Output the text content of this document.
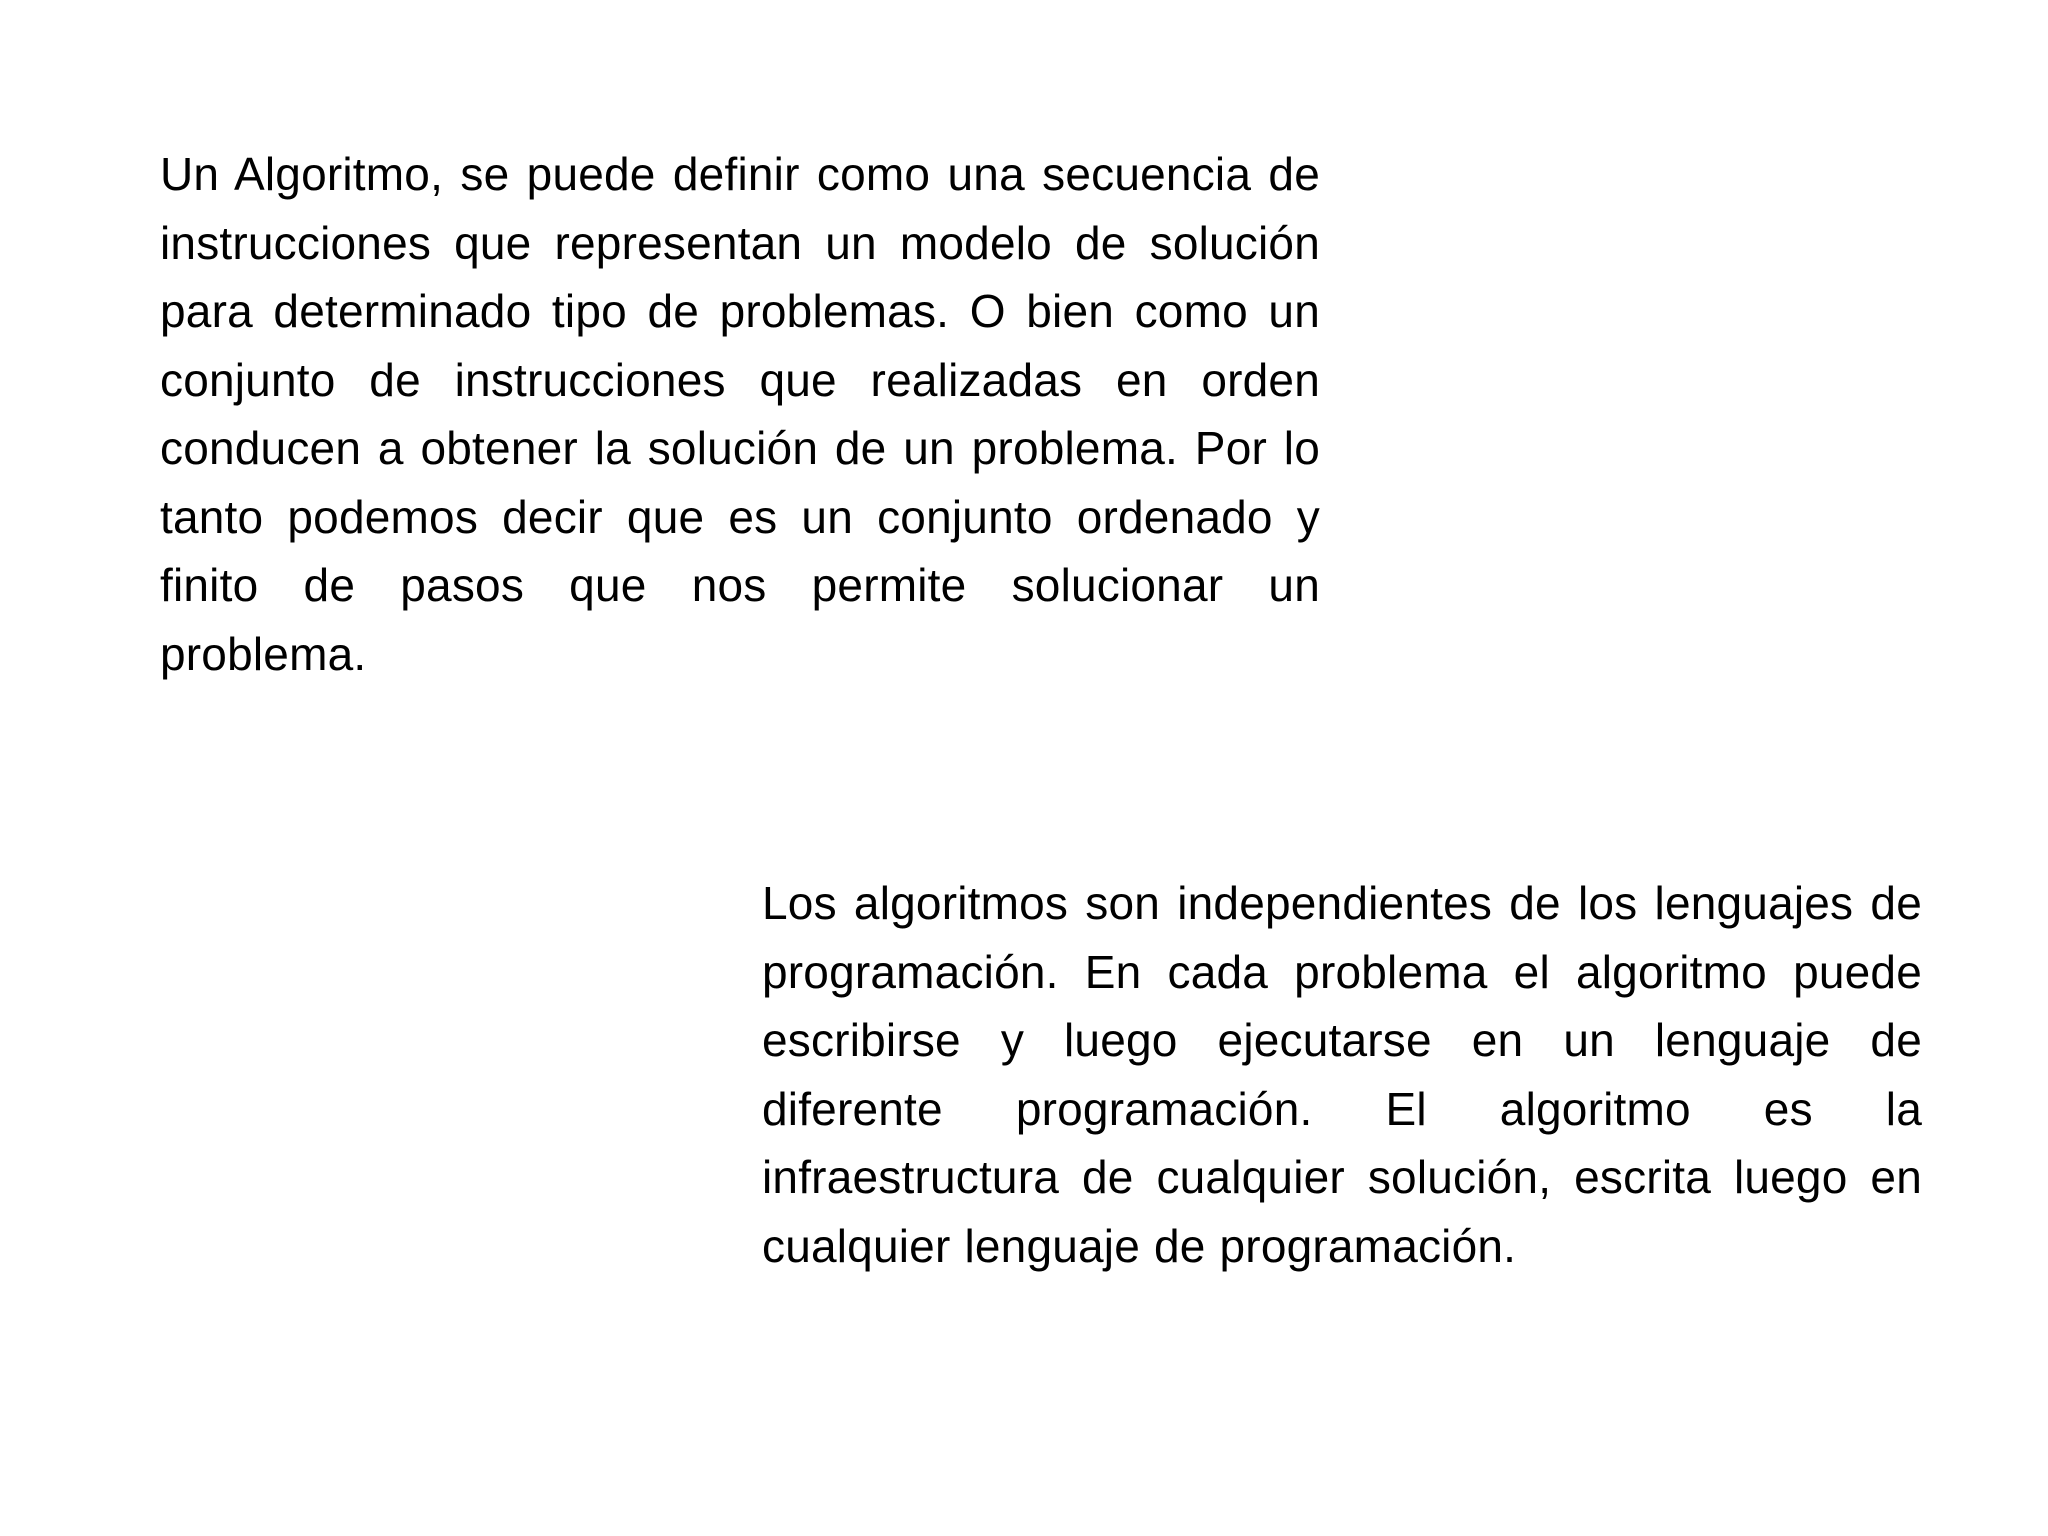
Un Algoritmo, se puede definir como una secuencia de instrucciones que representan un modelo de solución para determinado tipo de problemas. O bien como un conjunto de instrucciones que realizadas en orden conducen a obtener la solución de un problema. Por lo tanto podemos decir que es un conjunto ordenado y finito de pasos que nos permite solucionar un problema.

Los algoritmos son independientes de los lenguajes de programación. En cada problema el algoritmo puede escribirse y luego ejecutarse en un lenguaje de diferente programación. El algoritmo es la infraestructura de cualquier solución, escrita luego en cualquier lenguaje de programación.
